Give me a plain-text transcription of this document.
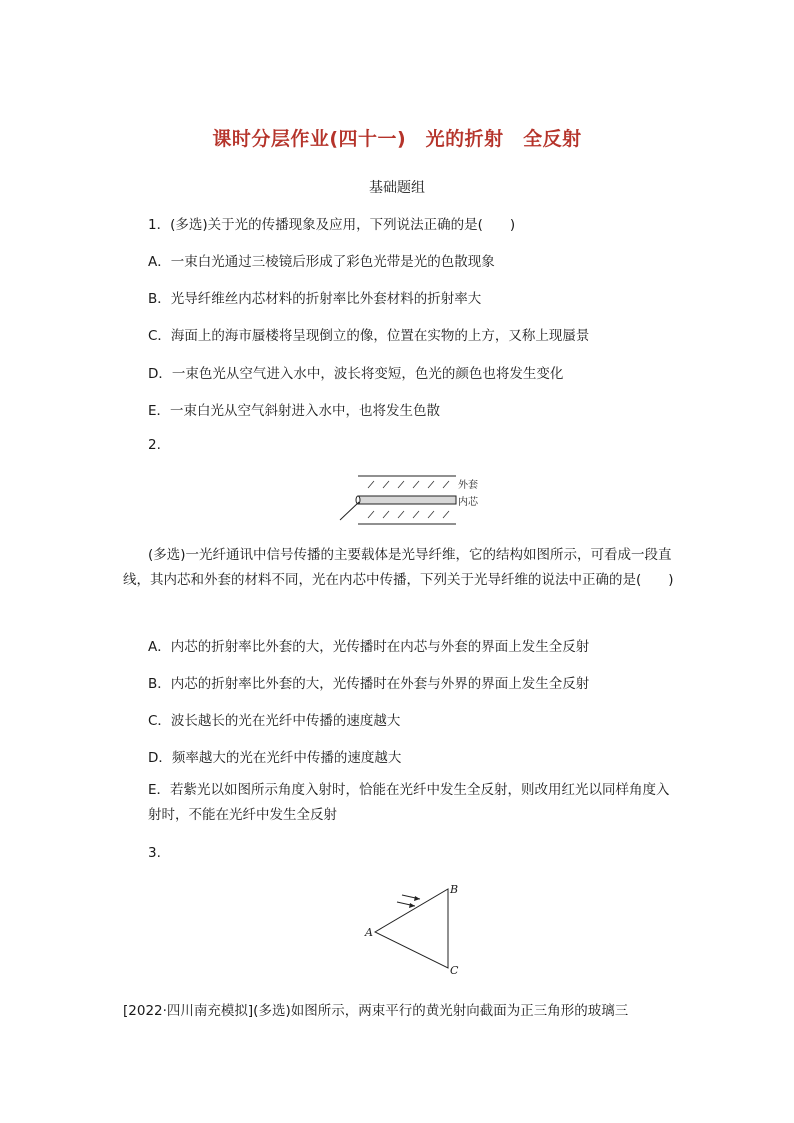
课时分层作业(四十一)　光的折射　全反射
基础题组
1．(多选)关于光的传播现象及应用，下列说法正确的是(　　)
A．一束白光通过三棱镜后形成了彩色光带是光的色散现象
B．光导纤维丝内芯材料的折射率比外套材料的折射率大
C．海面上的海市蜃楼将呈现倒立的像，位置在实物的上方，又称上现蜃景
D．一束色光从空气进入水中，波长将变短，色光的颜色也将发生变化
E．一束白光从空气斜射进入水中，也将发生色散
2.
外套
内芯
(多选)一光纤通讯中信号传播的主要载体是光导纤维，它的结构如图所示，可看成一段直线，其内芯和外套的材料不同，光在内芯中传播，下列关于光导纤维的说法中正确的是(　　)
A．内芯的折射率比外套的大，光传播时在内芯与外套的界面上发生全反射
B．内芯的折射率比外套的大，光传播时在外套与外界的界面上发生全反射
C．波长越长的光在光纤中传播的速度越大
D．频率越大的光在光纤中传播的速度越大
E．若紫光以如图所示角度入射时，恰能在光纤中发生全反射，则改用红光以同样角度入射时，不能在光纤中发生全反射
3.
A
B
C
[2022·四川南充模拟](多选)如图所示，两束平行的黄光射向截面为正三角形的玻璃三
